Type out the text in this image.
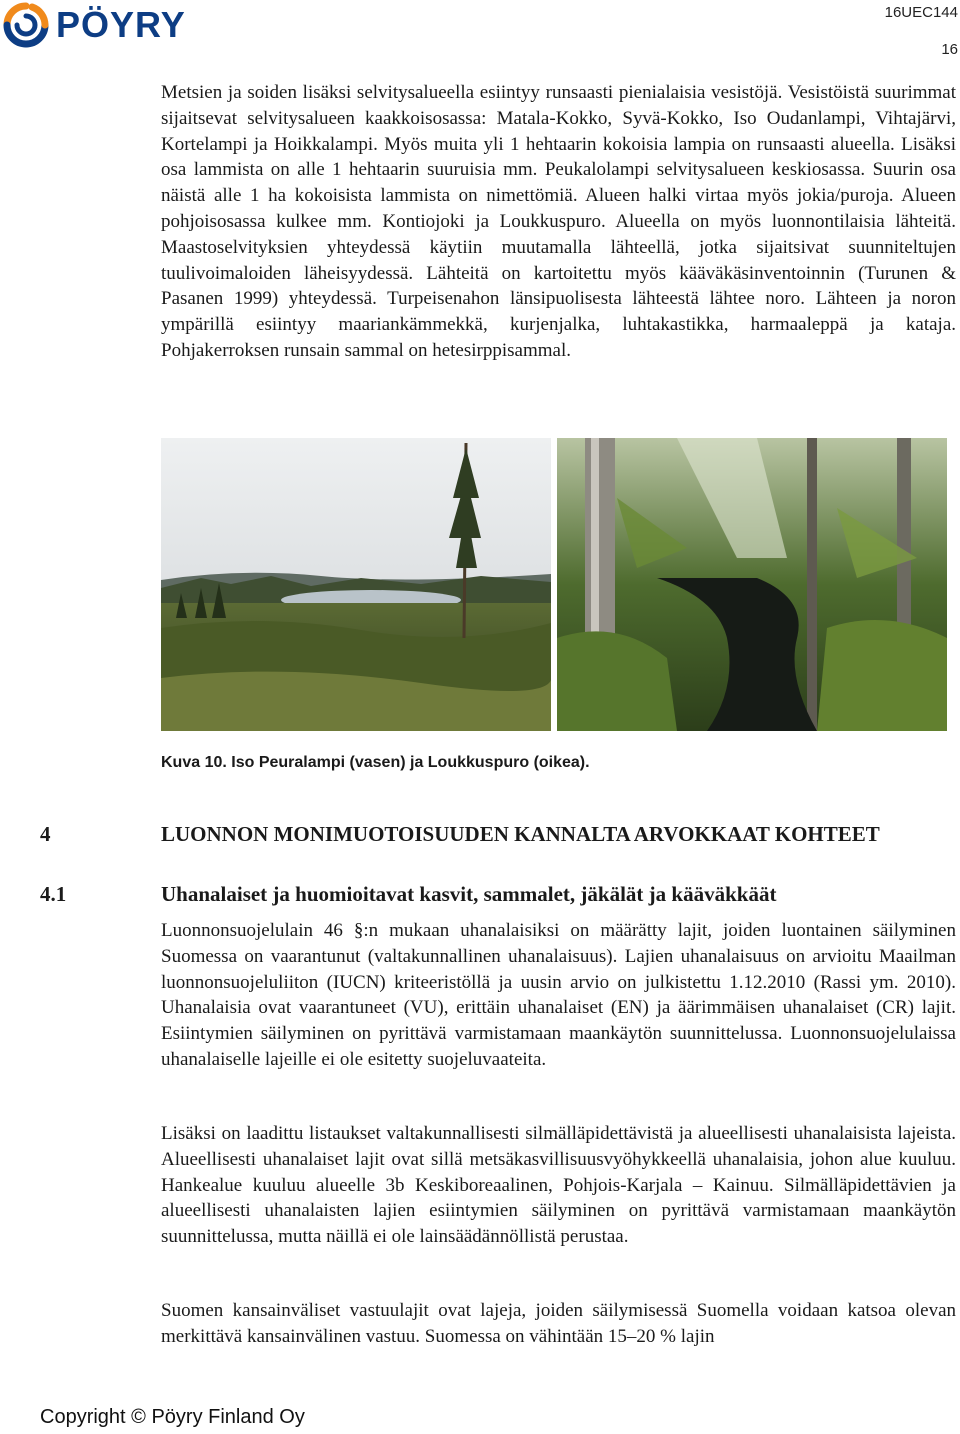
PÖYRY	16UEC144
16

Metsien ja soiden lisäksi selvitysalueella esiintyy runsaasti pienialaisia vesistöjä. Vesistöistä suurimmat sijaitsevat selvitysalueen kaakkoisosassa: Matala-Kokko, Syvä-Kokko, Iso Oudanlampi, Vihtajärvi, Kortelampi ja Hoikkalampi. Myös muita yli 1 hehtaarin kokoisia lampia on runsaasti alueella. Lisäksi osa lammista on alle 1 hehtaarin suuruisia mm. Peukalolampi selvitysalueen keskiosassa. Suurin osa näistä alle 1 ha kokoisista lammista on nimettömiä. Alueen halki virtaa myös jokia/puroja. Alueen pohjoisosassa kulkee mm. Kontiojoki ja Loukkuspuro. Alueella on myös luonnontilaisia lähteitä. Maastoselvityksien yhteydessä käytiin muutamalla lähteellä, jotka sijaitsivat suunniteltujen tuulivoimaloiden läheisyydessä. Lähteitä on kartoitettu myös kääväkäsinventoinnin (Turunen & Pasanen 1999) yhteydessä. Turpeisenahon länsipuolisesta lähteestä lähtee noro. Lähteen ja noron ympärillä esiintyy maariankämmekkä, kurjenjalka, luhtakastikka, harmaaleppä ja kataja. Pohjakerroksen runsain sammal on hetesirppisammal.

Kuva 10. Iso Peuralampi (vasen) ja Loukkuspuro (oikea).
4	LUONNON MONIMUOTOISUUDEN KANNALTA ARVOKKAAT KOHTEET
4.1	Uhanalaiset ja huomioitavat kasvit, sammalet, jäkälät ja kääväkkäät

Luonnonsuojelulain 46 §:n mukaan uhanalaisiksi on määrätty lajit, joiden luontainen säilyminen Suomessa on vaarantunut (valtakunnallinen uhanalaisuus). Lajien uhanalaisuus on arvioitu Maailman luonnonsuojeluliiton (IUCN) kriteeristöllä ja uusin arvio on julkistettu 1.12.2010 (Rassi ym. 2010). Uhanalaisia ovat vaarantuneet (VU), erittäin uhanalaiset (EN) ja äärimmäisen uhanalaiset (CR) lajit. Esiintymien säilyminen on pyrittävä varmistamaan maankäytön suunnittelussa. Luonnonsuojelulaissa uhanalaiselle lajeille ei ole esitetty suojeluvaateita.

Lisäksi on laadittu listaukset valtakunnallisesti silmälläpidettävistä ja alueellisesti uhanalaisista lajeista. Alueellisesti uhanalaiset lajit ovat sillä metsäkasvillisuusvyöhykkeellä uhanalaisia, johon alue kuuluu. Hankealue kuuluu alueelle 3b Keskiboreaalinen, Pohjois-Karjala – Kainuu. Silmälläpidettävien ja alueellisesti uhanalaisten lajien esiintymien säilyminen on pyrittävä varmistamaan maankäytön suunnittelussa, mutta näillä ei ole lainsäädännöllistä perustaa.

Suomen kansainväliset vastuulajit ovat lajeja, joiden säilymisessä Suomella voidaan katsoa olevan merkittävä kansainvälinen vastuu. Suomessa on vähintään 15–20 % lajin

Copyright © Pöyry Finland Oy
